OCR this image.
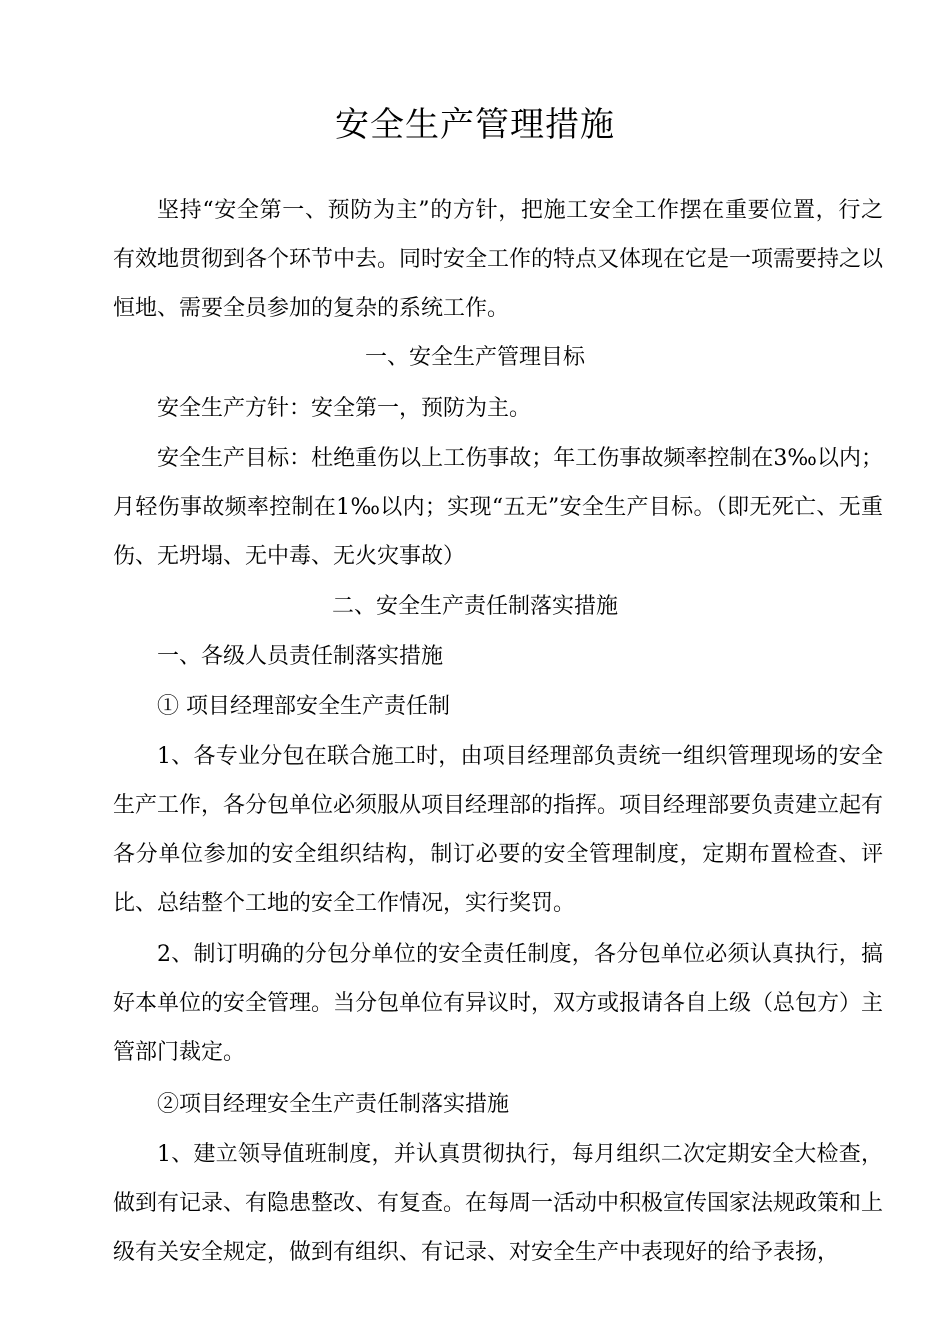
安全生产管理措施

坚持“安全第一、预防为主”的方针，把施工安全工作摆在重要位置，行之有效地贯彻到各个环节中去。同时安全工作的特点又体现在它是一项需要持之以恒地、需要全员参加的复杂的系统工作。

一、安全生产管理目标

安全生产方针：安全第一，预防为主。

安全生产目标：杜绝重伤以上工伤事故；年工伤事故频率控制在3‰以内；月轻伤事故频率控制在1‰以内；实现“五无”安全生产目标。（即无死亡、无重伤、无坍塌、无中毒、无火灾事故）

二、安全生产责任制落实措施

一、各级人员责任制落实措施

① 项目经理部安全生产责任制

1、各专业分包在联合施工时，由项目经理部负责统一组织管理现场的安全生产工作，各分包单位必须服从项目经理部的指挥。项目经理部要负责建立起有各分单位参加的安全组织结构，制订必要的安全管理制度，定期布置检查、评比、总结整个工地的安全工作情况，实行奖罚。

2、制订明确的分包分单位的安全责任制度，各分包单位必须认真执行，搞好本单位的安全管理。当分包单位有异议时，双方或报请各自上级（总包方）主管部门裁定。

②项目经理安全生产责任制落实措施

1、建立领导值班制度，并认真贯彻执行，每月组织二次定期安全大检查，做到有记录、有隐患整改、有复查。在每周一活动中积极宣传国家法规政策和上级有关安全规定，做到有组织、有记录、对安全生产中表现好的给予表扬，
